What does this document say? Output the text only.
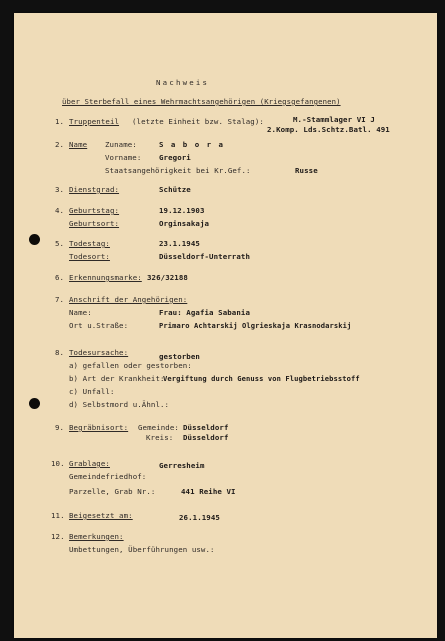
Nachweis
über Sterbefall eines Wehrmachtsangehörigen (Kriegsgefangenen)
1. Truppenteil (letzte Einheit bzw. Stalag):	M.-Stammlager VI J
2.Komp. Lds.Schtz.Batl. 491
2. Name Zuname:	S a b o r a
Vorname: Gregori
Staatsangehörigkeit bei Kr.Gef.:	Russe
3. Dienstgrad:	Schütze
4. Geburtstag:	19.12.1903
Geburtsort:	Orginsakaja
5. Todestag:	23.1.1945
Todesort:	Düsseldorf-Unterrath
6. Erkennungsmarke: 326/32188
7. Anschrift der Angehörigen:
Name:	Frau: Agafia Sabania
Ort u.Straße:	Primaro Achtarskij Olgrieskaja Krasnodarskij
8. Todesursache:	gestorben
a) gefallen oder gestorben:
b) Art der Krankheit:
Vergiftung durch Genuss von Flugbetriebsstoff
c) Unfall:
d) Selbstmord u.Ähnl.:
9. Begräbnisort: Gemeinde: Düsseldorf
Kreis: Düsseldorf
10. Grablage:	Gerresheim
Gemeindefriedhof:
Parzelle, Grab Nr.:	441 Reihe VI
11. Beigesetzt am:	26.1.1945
12. Bemerkungen:
Umbettungen, Überführungen usw.:
